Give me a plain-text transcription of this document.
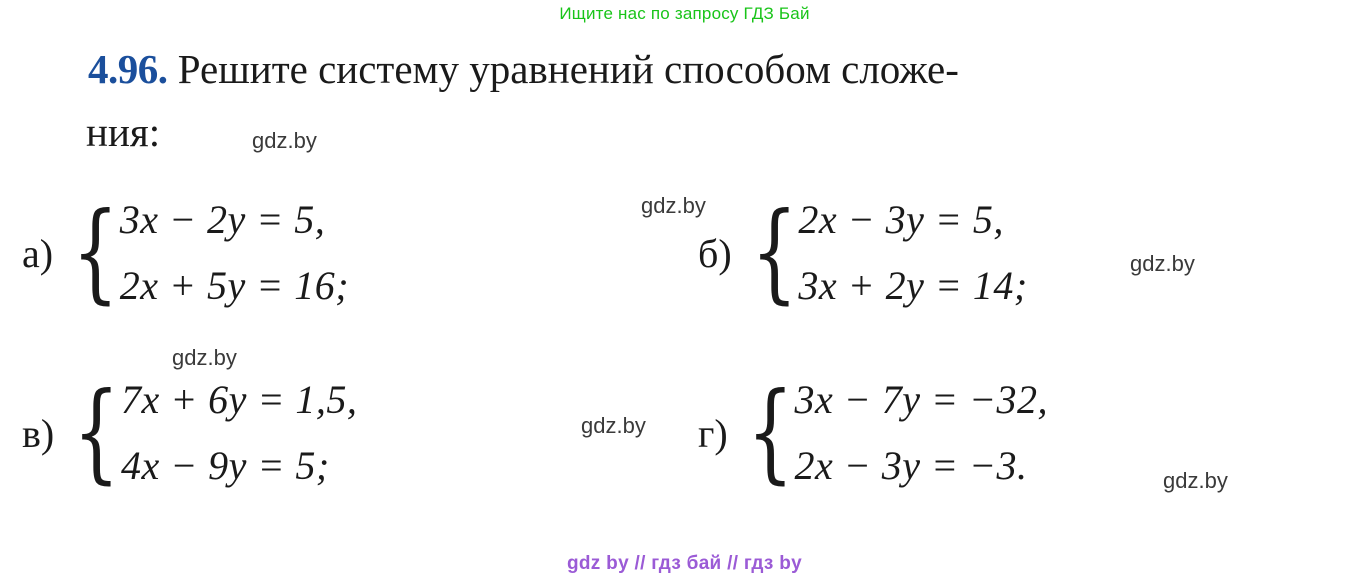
Ищите нас по запросу ГДЗ Бай
4.96. Решите систему уравнений способом сложе-
ния:
а) { 3x − 2y = 5,
2x + 5y = 16;
б) { 2x − 3y = 5,
3x + 2y = 14;
в) { 7x + 6y = 1,5,
4x − 9y = 5;
г) { 3x − 7y = −32,
2x − 3y = −3.
gdz.by
gdz.by
gdz.by
gdz.by
gdz.by
gdz.by
gdz by // гдз бай // гдз by
